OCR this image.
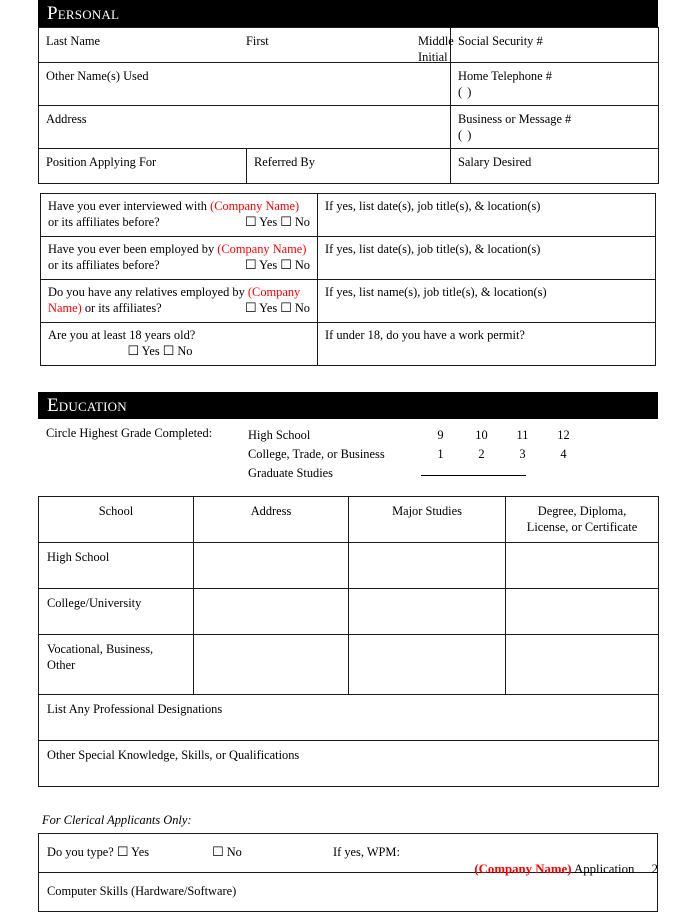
Personal
Last Name First Middle Initial		Social Security #
Other Name(s) Used		Home Telephone #
( )
Address		Business or Message #
( )
Position Applying For	Referred By	Salary Desired
Have you ever interviewed with (Company Name)
or its affiliates before? ☐ Yes ☐ No	If yes, list date(s), job title(s), & location(s)
Have you ever been employed by (Company Name)
or its affiliates before? ☐ Yes ☐ No	If yes, list date(s), job title(s), & location(s)
Do you have any relatives employed by (Company
Name) or its affiliates? ☐ Yes ☐ No	If yes, list name(s), job title(s), & location(s)
Are you at least 18 years old?
☐ Yes ☐ No	If under 18, do you have a work permit?
Education
Circle Highest Grade Completed:	High School	9	10 11 12
College, Trade, or Business	1	2	3	4
Graduate Studies
School	Address	Major Studies	Degree, Diploma,
License, or Certificate
High School			
College/University			
Vocational, Business,
Other			
List Any Professional Designations			
Other Special Knowledge, Skills, or Qualifications			
For Clerical Applicants Only:
Do you type? ☐ Yes	☐ No	If yes, WPM:
Computer Skills (Hardware/Software)
(Company Name) Application 2
